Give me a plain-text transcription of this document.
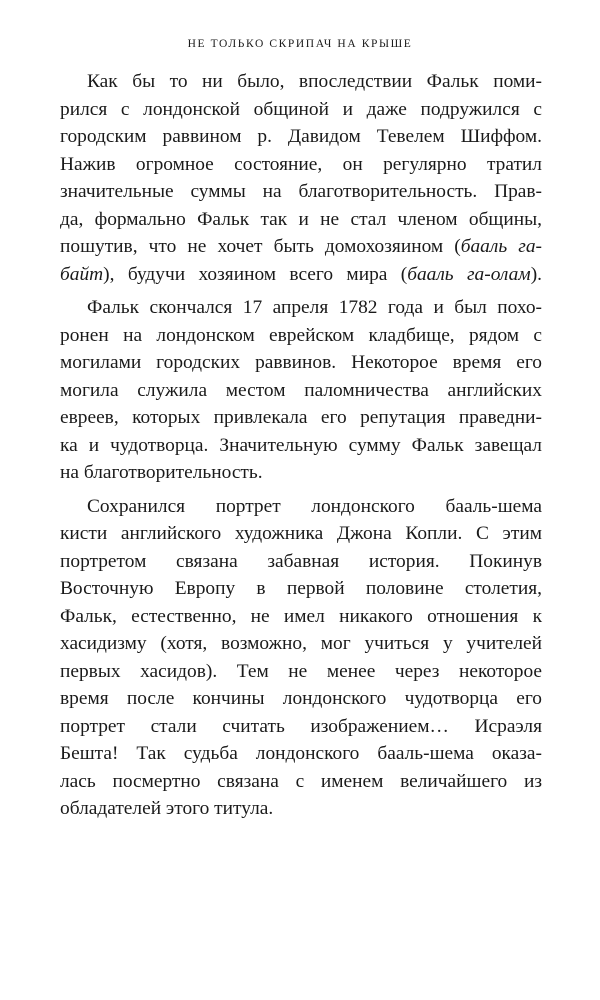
НЕ ТОЛЬКО СКРИПАЧ НА КРЫШЕ

Как бы то ни было, впоследствии Фальк поми-
рился с лондонской общиной и даже подружился с
городским раввином р. Давидом Тевелем Шиффом.
Нажив огромное состояние, он регулярно тратил
значительные суммы на благотворительность. Прав-
да, формально Фальк так и не стал членом общины,
пошутив, что не хочет быть домохозяином (бааль га-
байт), будучи хозяином всего мира (бааль га-олам).

Фальк скончался 17 апреля 1782 года и был похо-
ронен на лондонском еврейском кладбище, рядом с
могилами городских раввинов. Некоторое время его
могила служила местом паломничества английских
евреев, которых привлекала его репутация праведни-
ка и чудотворца. Значительную сумму Фальк завещал
на благотворительность.

Сохранился портрет лондонского бааль-шема
кисти английского художника Джона Копли. С этим
портретом связана забавная история. Покинув
Восточную Европу в первой половине столетия,
Фальк, естественно, не имел никакого отношения к
хасидизму (хотя, возможно, мог учиться у учителей
первых хасидов). Тем не менее через некоторое
время после кончины лондонского чудотворца его
портрет стали считать изображением… Исраэля
Бешта! Так судьба лондонского бааль-шема оказа-
лась посмертно связана с именем величайшего из
обладателей этого титула.
